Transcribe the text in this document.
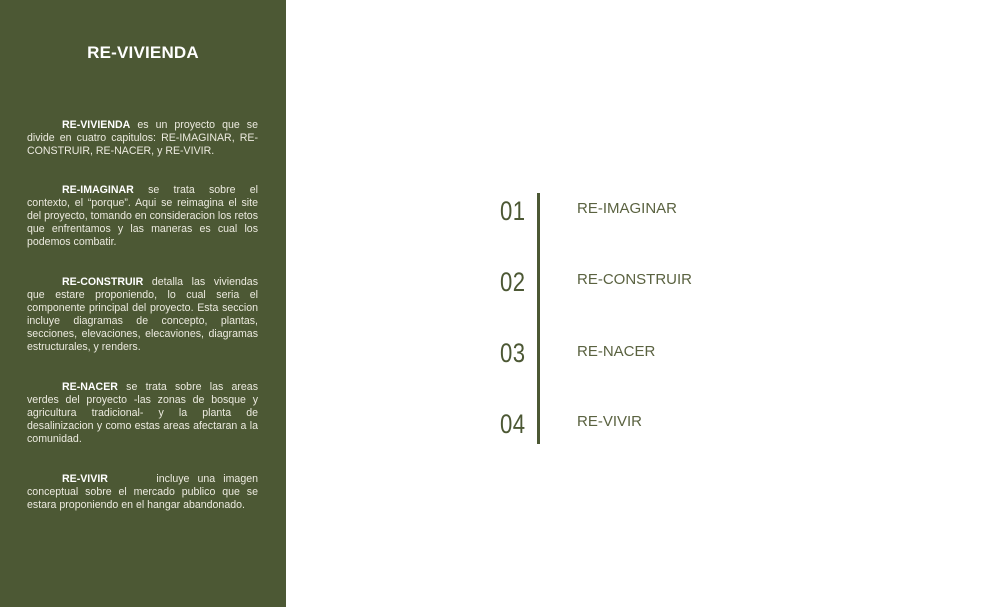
RE-VIVIENDA

RE-VIVIENDA es un proyecto que se divide en cuatro capitulos: RE-IMAGINAR, RE-CONSTRUIR, RE-NACER, y RE-VIVIR.

RE-IMAGINAR se trata sobre el contexto, el “porque”. Aqui se reimagina el site del proyecto, tomando en consideracion los retos que enfrentamos y las maneras es cual los podemos combatir.

RE-CONSTRUIR detalla las viviendas que estare proponiendo, lo cual seria el componente principal del proyecto. Esta seccion incluye diagramas de concepto, plantas, secciones, elevaciones, elecaviones, diagramas estructurales, y renders.

RE-NACER se trata sobre las areas verdes del proyecto -las zonas de bosque y agricultura tradicional- y la planta de desalinizacion y como estas areas afectaran a la comunidad.

RE-VIVIR      incluye una imagen conceptual sobre el mercado publico que se estara proponiendo en el hangar abandonado.

01	RE-IMAGINAR
02	RE-CONSTRUIR
03	RE-NACER
04	RE-VIVIR
